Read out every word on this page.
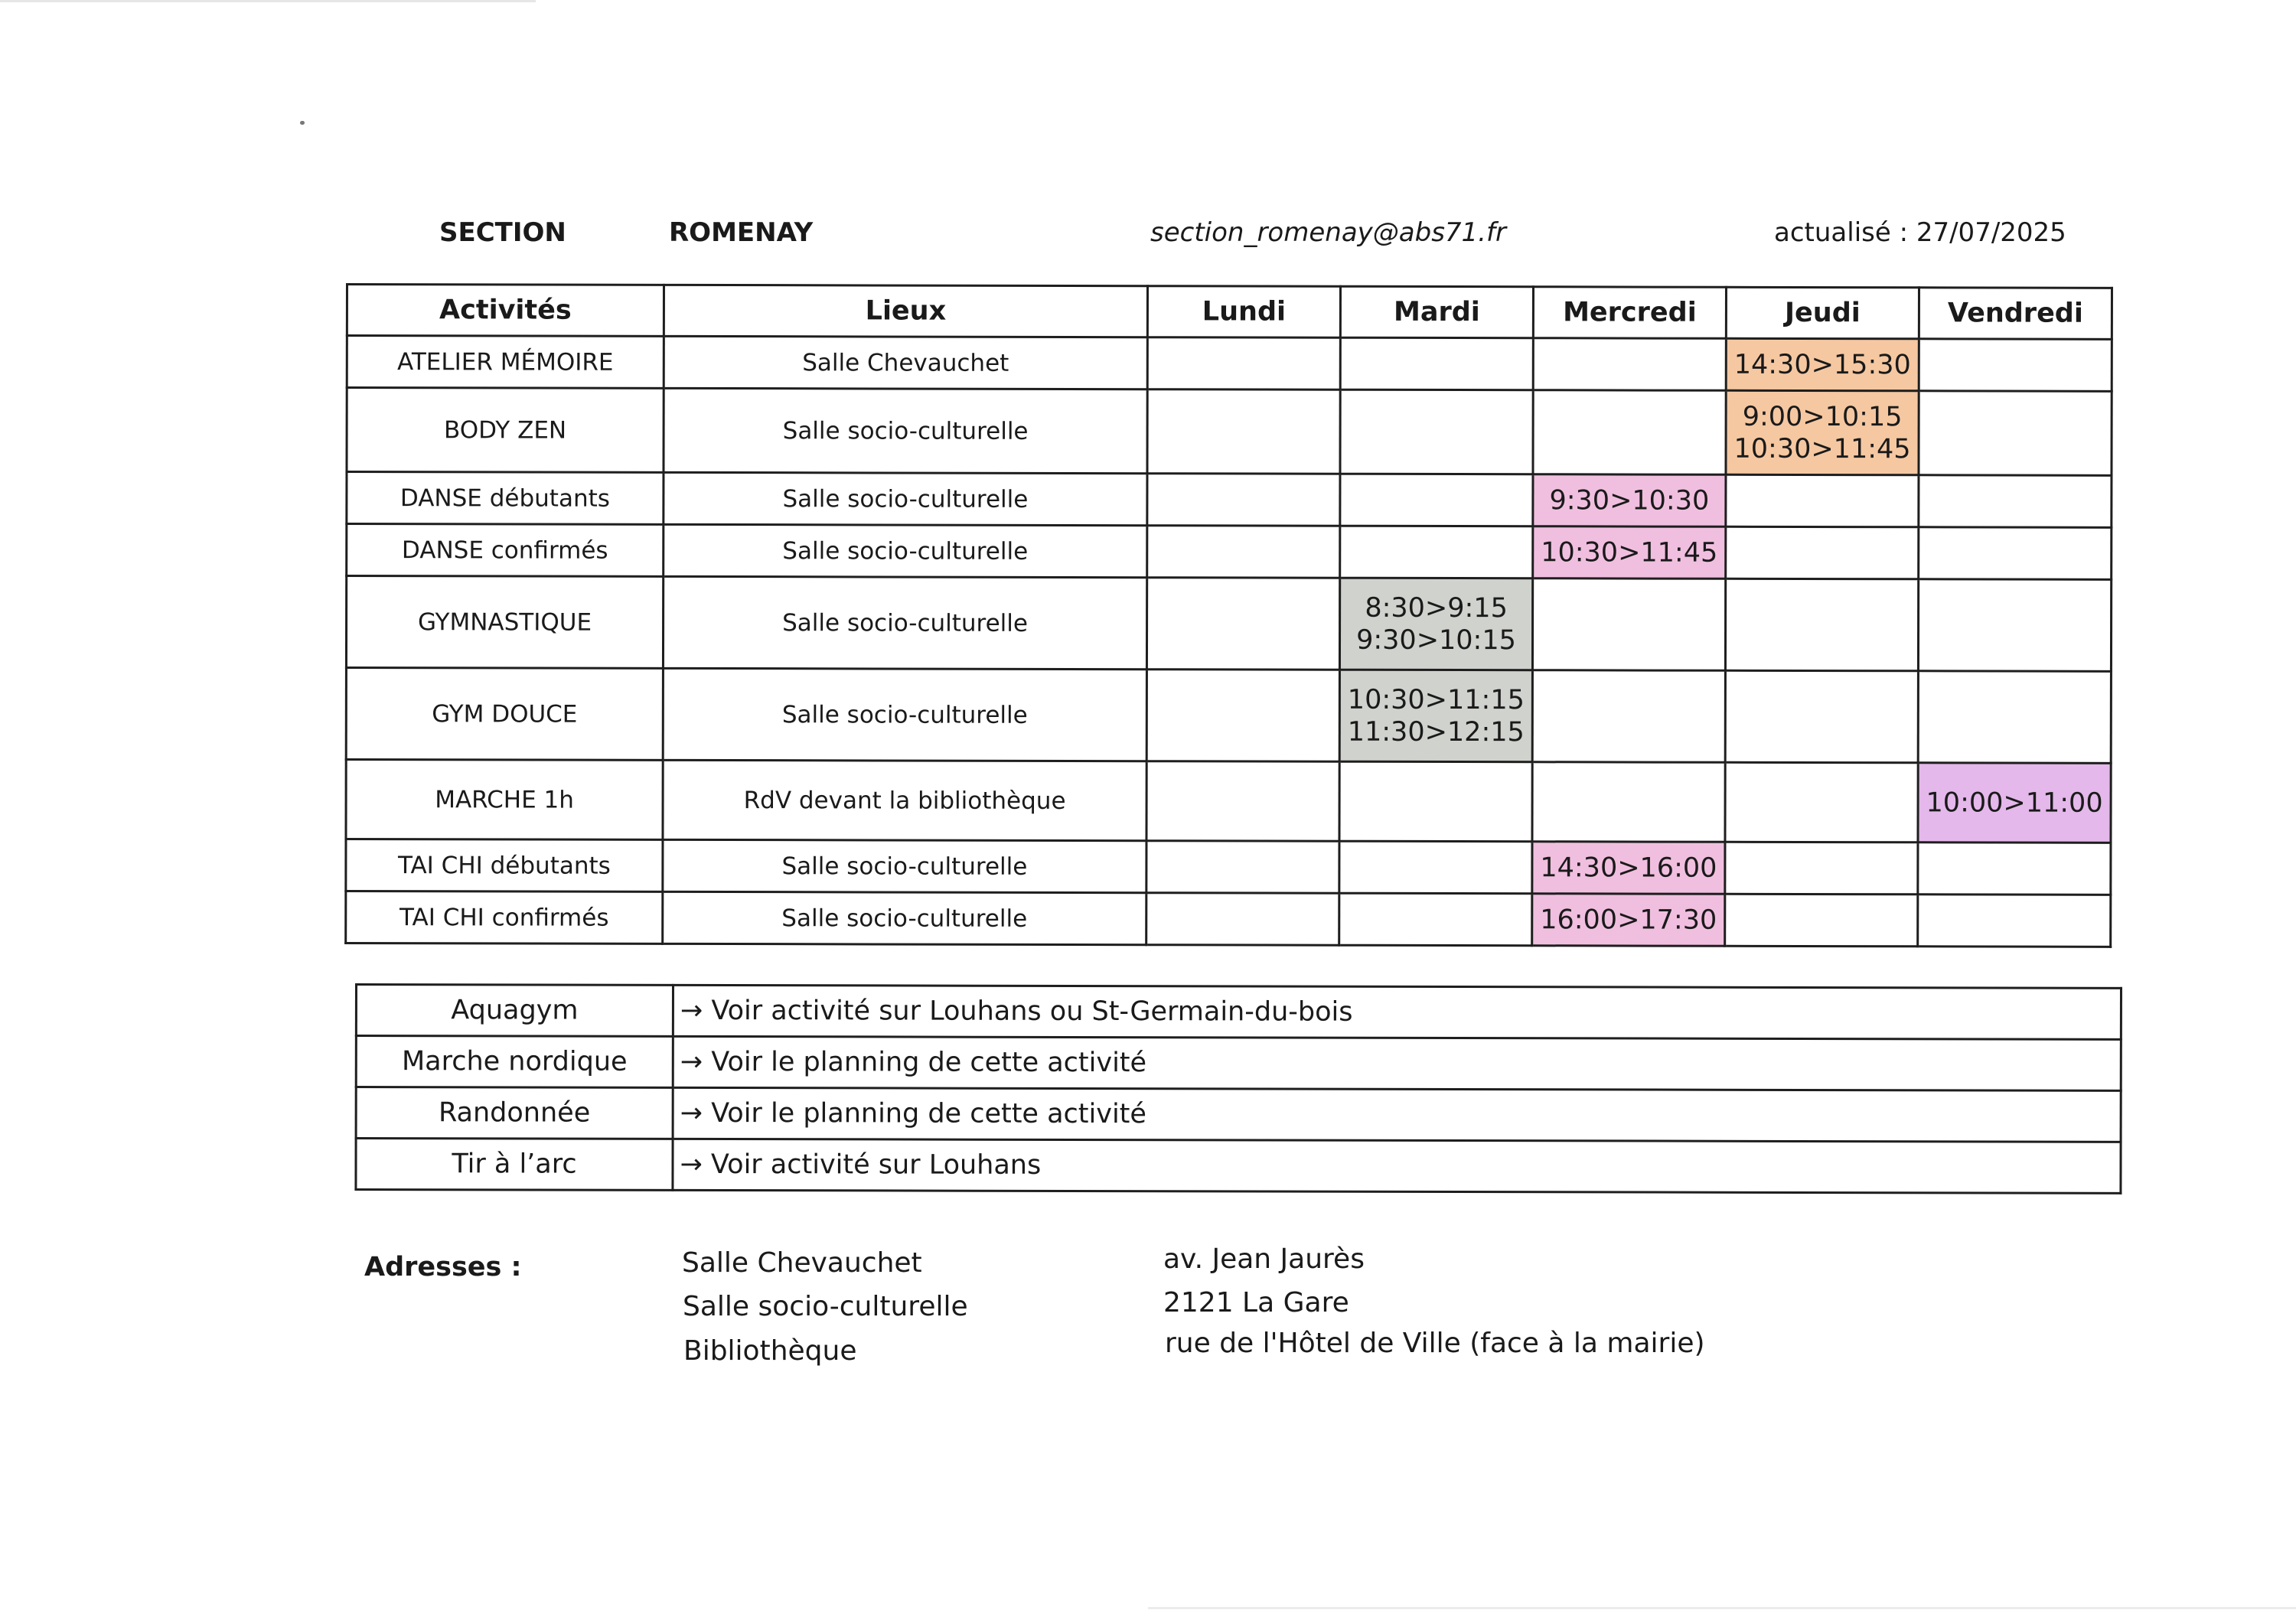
SECTION	ROMENAY	section_romenay@abs71.fr	actualisé : 27/07/2025
Activités	Lieux	Lundi	Mardi	Mercredi	Jeudi	Vendredi
ATELIER MÉMOIRE	Salle Chevauchet				14:30>15:30	

BODY ZEN	Salle socio-culturelle				9:00>10:15
10:30>11:45	

DANSE débutants	Salle socio-culturelle			9:30>10:30		

DANSE confirmés	Salle socio-culturelle			10:30>11:45		

GYMNASTIQUE	Salle socio-culturelle		8:30>9:15
9:30>10:15			

GYM DOUCE	Salle socio-culturelle		10:30>11:15
11:30>12:15			

MARCHE 1h	RdV devant la bibliothèque					10:00>11:00

TAI CHI débutants	Salle socio-culturelle			14:30>16:00		

TAI CHI confirmés	Salle socio-culturelle			16:00>17:30		

Aquagym	→ Voir activité sur Louhans ou St-Germain-du-bois
Marche nordique	→ Voir le planning de cette activité
Randonnée	→ Voir le planning de cette activité
Tir à l’arc	→ Voir activité sur Louhans
Adresses :	Salle Chevauchet	av. Jean Jaurès
Salle socio-culturelle	2121 La Gare
Bibliothèque	rue de l'Hôtel de Ville (face à la mairie)
